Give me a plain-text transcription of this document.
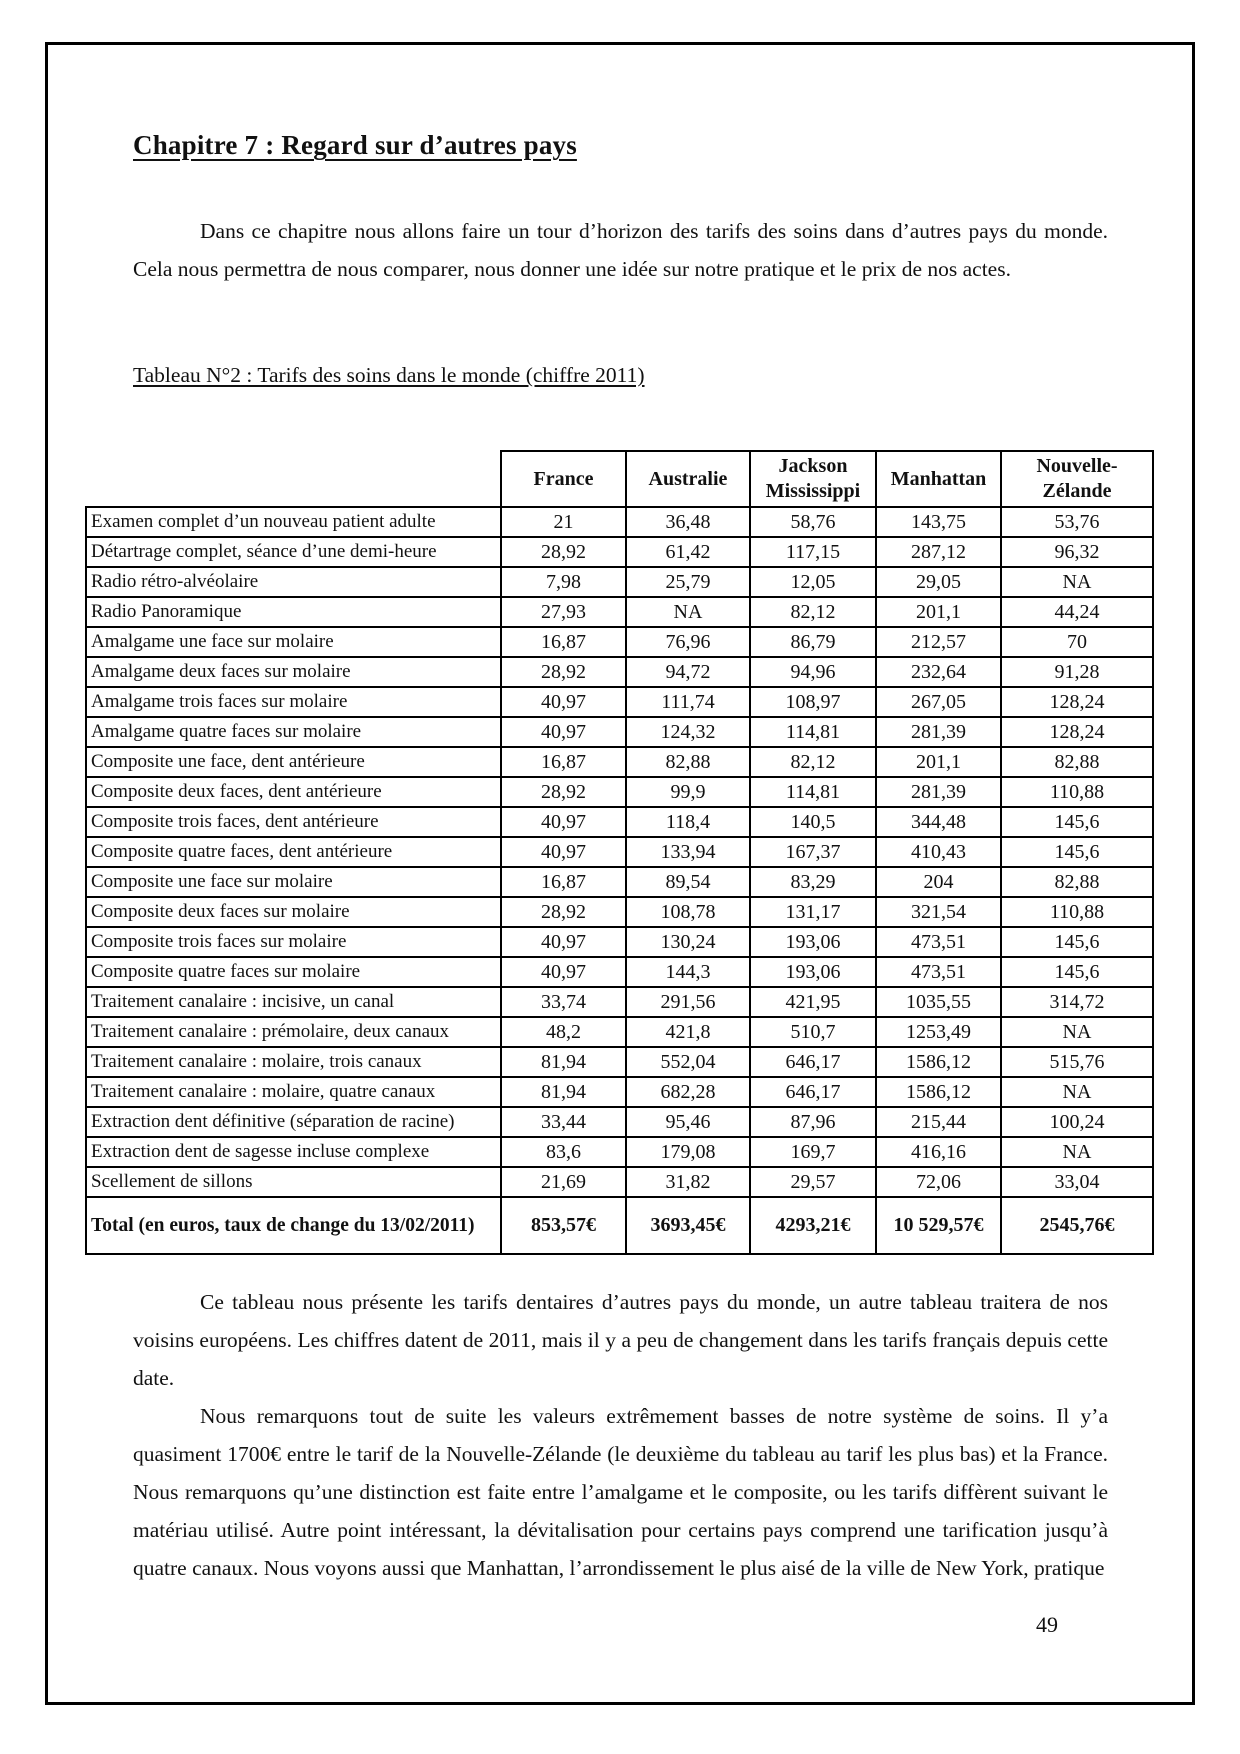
Chapitre 7 : Regard sur d’autres pays

Dans ce chapitre nous allons faire un tour d’horizon des tarifs des soins dans d’autres pays du monde. Cela nous permettra de nous comparer, nous donner une idée sur notre pratique et le prix de nos actes.

Tableau N°2 : Tarifs des soins dans le monde (chiffre 2011)
	France	Australie	Jackson Mississippi	Manhattan	Nouvelle-Zélande
Examen complet d’un nouveau patient adulte	21	36,48	58,76	143,75	53,76
Détartrage complet, séance d’une demi-heure	28,92	61,42	117,15	287,12	96,32
Radio rétro-alvéolaire	7,98	25,79	12,05	29,05	NA
Radio Panoramique	27,93	NA	82,12	201,1	44,24
Amalgame une face sur molaire	16,87	76,96	86,79	212,57	70
Amalgame deux faces sur molaire	28,92	94,72	94,96	232,64	91,28
Amalgame trois faces sur molaire	40,97	111,74	108,97	267,05	128,24
Amalgame quatre faces sur molaire	40,97	124,32	114,81	281,39	128,24
Composite une face, dent antérieure	16,87	82,88	82,12	201,1	82,88
Composite deux faces, dent antérieure	28,92	99,9	114,81	281,39	110,88
Composite trois faces, dent antérieure	40,97	118,4	140,5	344,48	145,6
Composite quatre faces, dent antérieure	40,97	133,94	167,37	410,43	145,6
Composite une face sur molaire	16,87	89,54	83,29	204	82,88
Composite deux faces sur molaire	28,92	108,78	131,17	321,54	110,88
Composite trois faces sur molaire	40,97	130,24	193,06	473,51	145,6
Composite quatre faces sur molaire	40,97	144,3	193,06	473,51	145,6
Traitement canalaire : incisive, un canal	33,74	291,56	421,95	1035,55	314,72
Traitement canalaire : prémolaire, deux canaux	48,2	421,8	510,7	1253,49	NA
Traitement canalaire : molaire, trois canaux	81,94	552,04	646,17	1586,12	515,76
Traitement canalaire : molaire, quatre canaux	81,94	682,28	646,17	1586,12	NA
Extraction dent définitive (séparation de racine)	33,44	95,46	87,96	215,44	100,24
Extraction dent de sagesse incluse complexe	83,6	179,08	169,7	416,16	NA
Scellement de sillons	21,69	31,82	29,57	72,06	33,04
Total (en euros, taux de change du 13/02/2011)	853,57€	3693,45€	4293,21€	10 529,57€	2545,76€

Ce tableau nous présente les tarifs dentaires d’autres pays du monde, un autre tableau traitera de nos voisins européens. Les chiffres datent de 2011, mais il y a peu de changement dans les tarifs français depuis cette date.

Nous remarquons tout de suite les valeurs extrêmement basses de notre système de soins. Il y’a quasiment 1700€ entre le tarif de la Nouvelle-Zélande (le deuxième du tableau au tarif les plus bas) et la France. Nous remarquons qu’une distinction est faite entre l’amalgame et le composite, ou les tarifs diffèrent suivant le matériau utilisé. Autre point intéressant, la dévitalisation pour certains pays comprend une tarification jusqu’à quatre canaux. Nous voyons aussi que Manhattan, l’arrondissement le plus aisé de la ville de New York, pratique

49
